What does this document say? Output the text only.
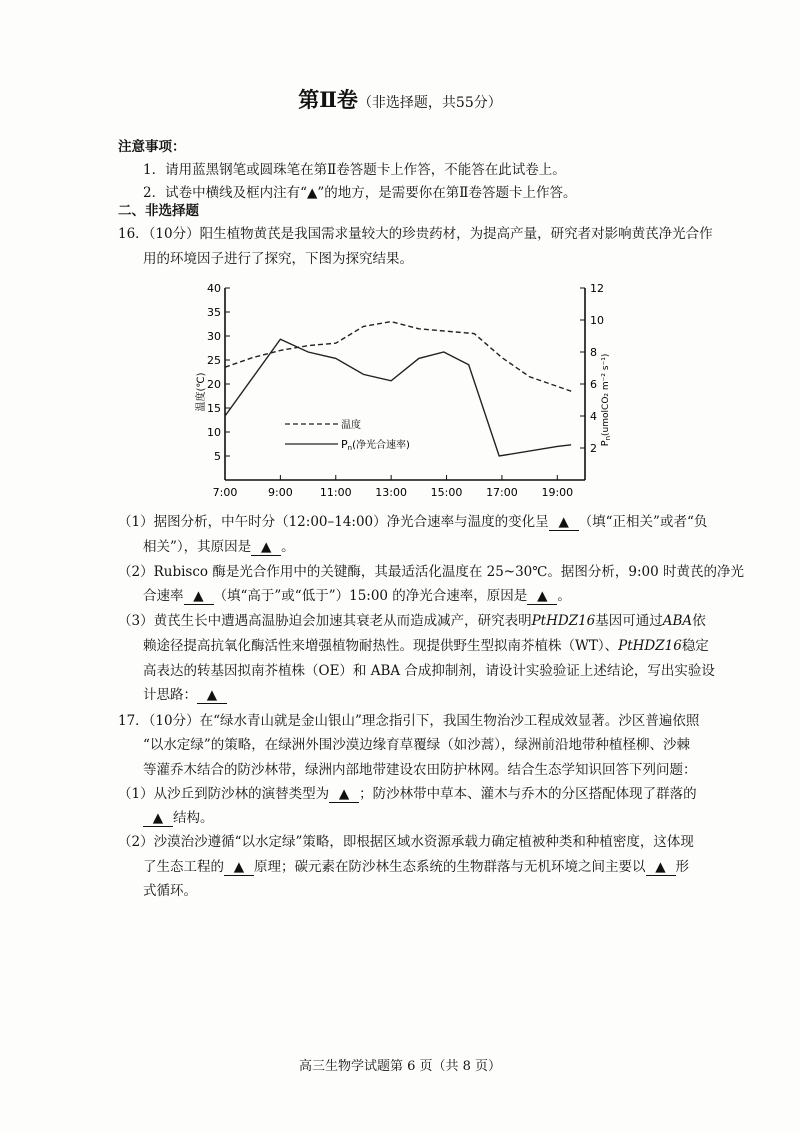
第Ⅱ卷（非选择题，共55分）
注意事项：
1．请用蓝黑钢笔或圆珠笔在第Ⅱ卷答题卡上作答，不能答在此试卷上。
2．试卷中横线及框内注有“▲”的地方，是需要你在第Ⅱ卷答题卡上作答。
二、非选择题
16．（10分）阳生植物黄芪是我国需求量较大的珍贵药材，为提高产量，研究者对影响黄芪净光合作
用的环境因子进行了探究，下图为探究结果。
5
10
15
20
25
30
35
40
2
4
6
8
10
12
7:00	9:00 11:00 13:00 15:00 17:00 19:00
温度(℃)
$P_n(umolCO_2$ m⁻² s⁻¹)
温度
Pn(净光合速率)
（1）据图分析，中午时分（12:00–14:00）净光合速率与温度的变化呈 ▲ （填“正相关”或者“负
相关”），其原因是 ▲ 。
（2）Rubisco 酶是光合作用中的关键酶，其最适活化温度在 25~30℃。据图分析，9:00 时黄芪的净光
合速率 ▲ （填“高于”或“低于”）15:00 的净光合速率，原因是 ▲ 。
（3）黄芪生长中遭遇高温胁迫会加速其衰老从而造成减产，研究表明PtHDZ16基因可通过ABA依
赖途径提高抗氧化酶活性来增强植物耐热性。现提供野生型拟南芥植株（WT）、PtHDZ16稳定
高表达的转基因拟南芥植株（OE）和 ABA 合成抑制剂，请设计实验验证上述结论，写出实验设
计思路： ▲
17．（10分）在“绿水青山就是金山银山”理念指引下，我国生物治沙工程成效显著。沙区普遍依照
“以水定绿”的策略，在绿洲外围沙漠边缘育草覆绿（如沙蒿），绿洲前沿地带种植柽柳、沙棘
等灌乔木结合的防沙林带，绿洲内部地带建设农田防护林网。结合生态学知识回答下列问题：
（1）从沙丘到防沙林的演替类型为 ▲ ；防沙林带中草本、灌木与乔木的分区搭配体现了群落的
▲ 结构。
（2）沙漠治沙遵循“以水定绿”策略，即根据区域水资源承载力确定植被种类和种植密度，这体现
了生态工程的 ▲ 原理；碳元素在防沙林生态系统的生物群落与无机环境之间主要以 ▲ 形
式循环。
高三生物学试题第 6 页（共 8 页）
